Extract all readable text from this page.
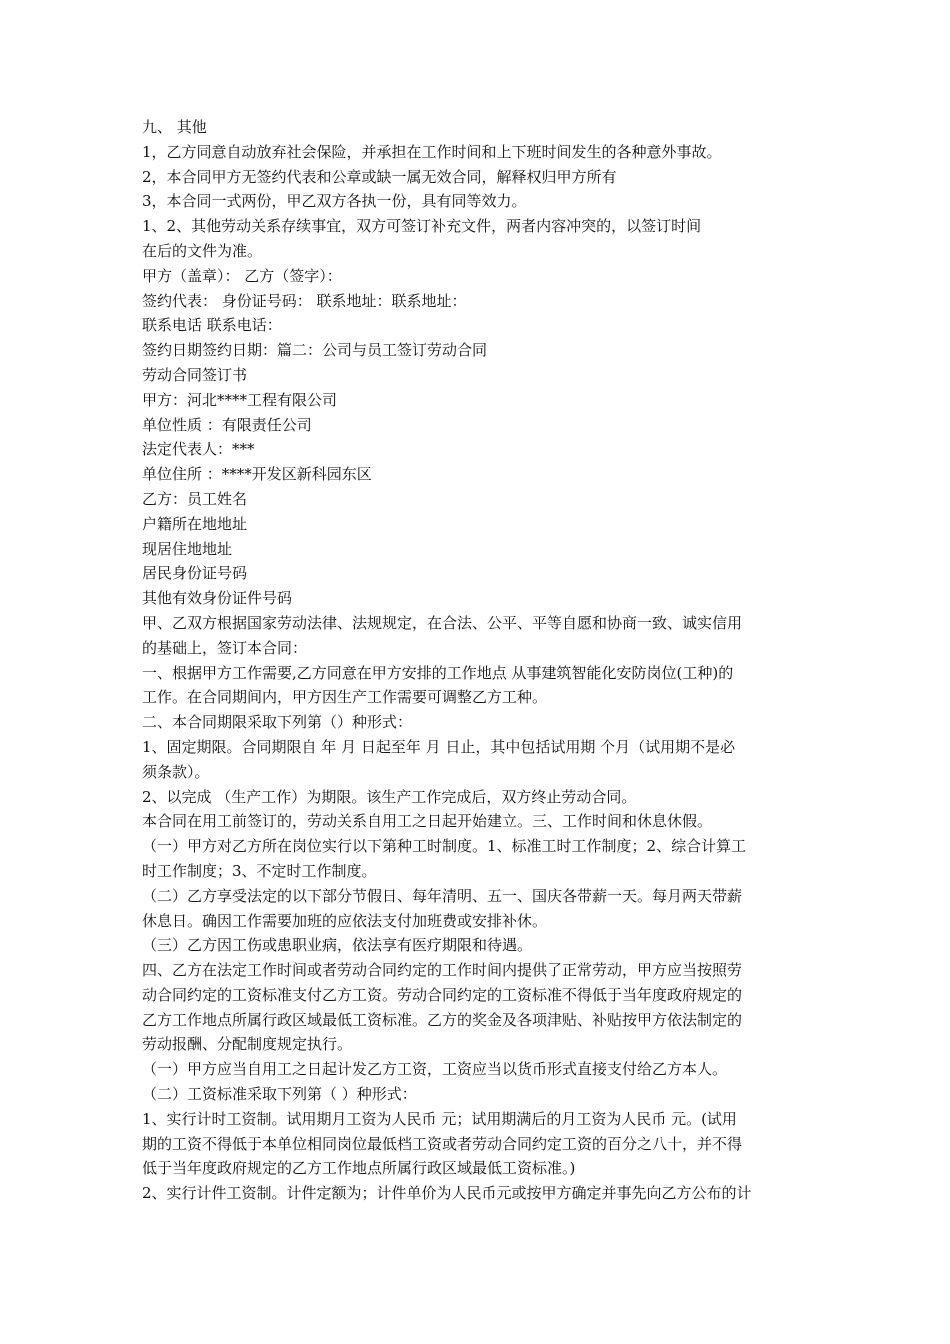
九、 其他
1，乙方同意自动放弃社会保险，并承担在工作时间和上下班时间发生的各种意外事故。
2，本合同甲方无签约代表和公章或缺一属无效合同，解释权归甲方所有
3，本合同一式两份，甲乙双方各执一份，具有同等效力。
1、2、其他劳动关系存续事宜，双方可签订补充文件，两者内容冲突的，以签订时间
在后的文件为准。
甲方（盖章）： 乙方（签字）：
签约代表： 身份证号码： 联系地址：联系地址：
联系电话 联系电话：
签约日期签约日期：篇二：公司与员工签订劳动合同
劳动合同签订书
甲方：河北****工程有限公司
单位性质 ：有限责任公司
法定代表人：***
单位住所 ：****开发区新科园东区
乙方：员工姓名
户籍所在地地址
现居住地地址
居民身份证号码
其他有效身份证件号码
甲、乙双方根据国家劳动法律、法规规定，在合法、公平、平等自愿和协商一致、诚实信用
的基础上，签订本合同：
一、根据甲方工作需要,乙方同意在甲方安排的工作地点 从事建筑智能化安防岗位(工种)的
工作。在合同期间内，甲方因生产工作需要可调整乙方工种。
二、本合同期限采取下列第（）种形式：
1、固定期限。合同期限自 年 月 日起至年 月 日止，其中包括试用期 个月（试用期不是必
须条款）。
2、以完成 （生产工作）为期限。该生产工作完成后，双方终止劳动合同。
本合同在用工前签订的，劳动关系自用工之日起开始建立。三、工作时间和休息休假。
（一）甲方对乙方所在岗位实行以下第种工时制度。1、标准工时工作制度；2、综合计算工
时工作制度；3、不定时工作制度。
（二）乙方享受法定的以下部分节假日、每年清明、五一、国庆各带薪一天。每月两天带薪
休息日。确因工作需要加班的应依法支付加班费或安排补休。
（三）乙方因工伤或患职业病，依法享有医疗期限和待遇。
四、乙方在法定工作时间或者劳动合同约定的工作时间内提供了正常劳动，甲方应当按照劳
动合同约定的工资标准支付乙方工资。劳动合同约定的工资标准不得低于当年度政府规定的
乙方工作地点所属行政区域最低工资标准。乙方的奖金及各项津贴、补贴按甲方依法制定的
劳动报酬、分配制度规定执行。
（一）甲方应当自用工之日起计发乙方工资，工资应当以货币形式直接支付给乙方本人。
（二）工资标准采取下列第（ ）种形式：
1、实行计时工资制。试用期月工资为人民币 元；试用期满后的月工资为人民币 元。(试用
期的工资不得低于本单位相同岗位最低档工资或者劳动合同约定工资的百分之八十，并不得
低于当年度政府规定的乙方工作地点所属行政区域最低工资标准。)
2、实行计件工资制。计件定额为；计件单价为人民币元或按甲方确定并事先向乙方公布的计
